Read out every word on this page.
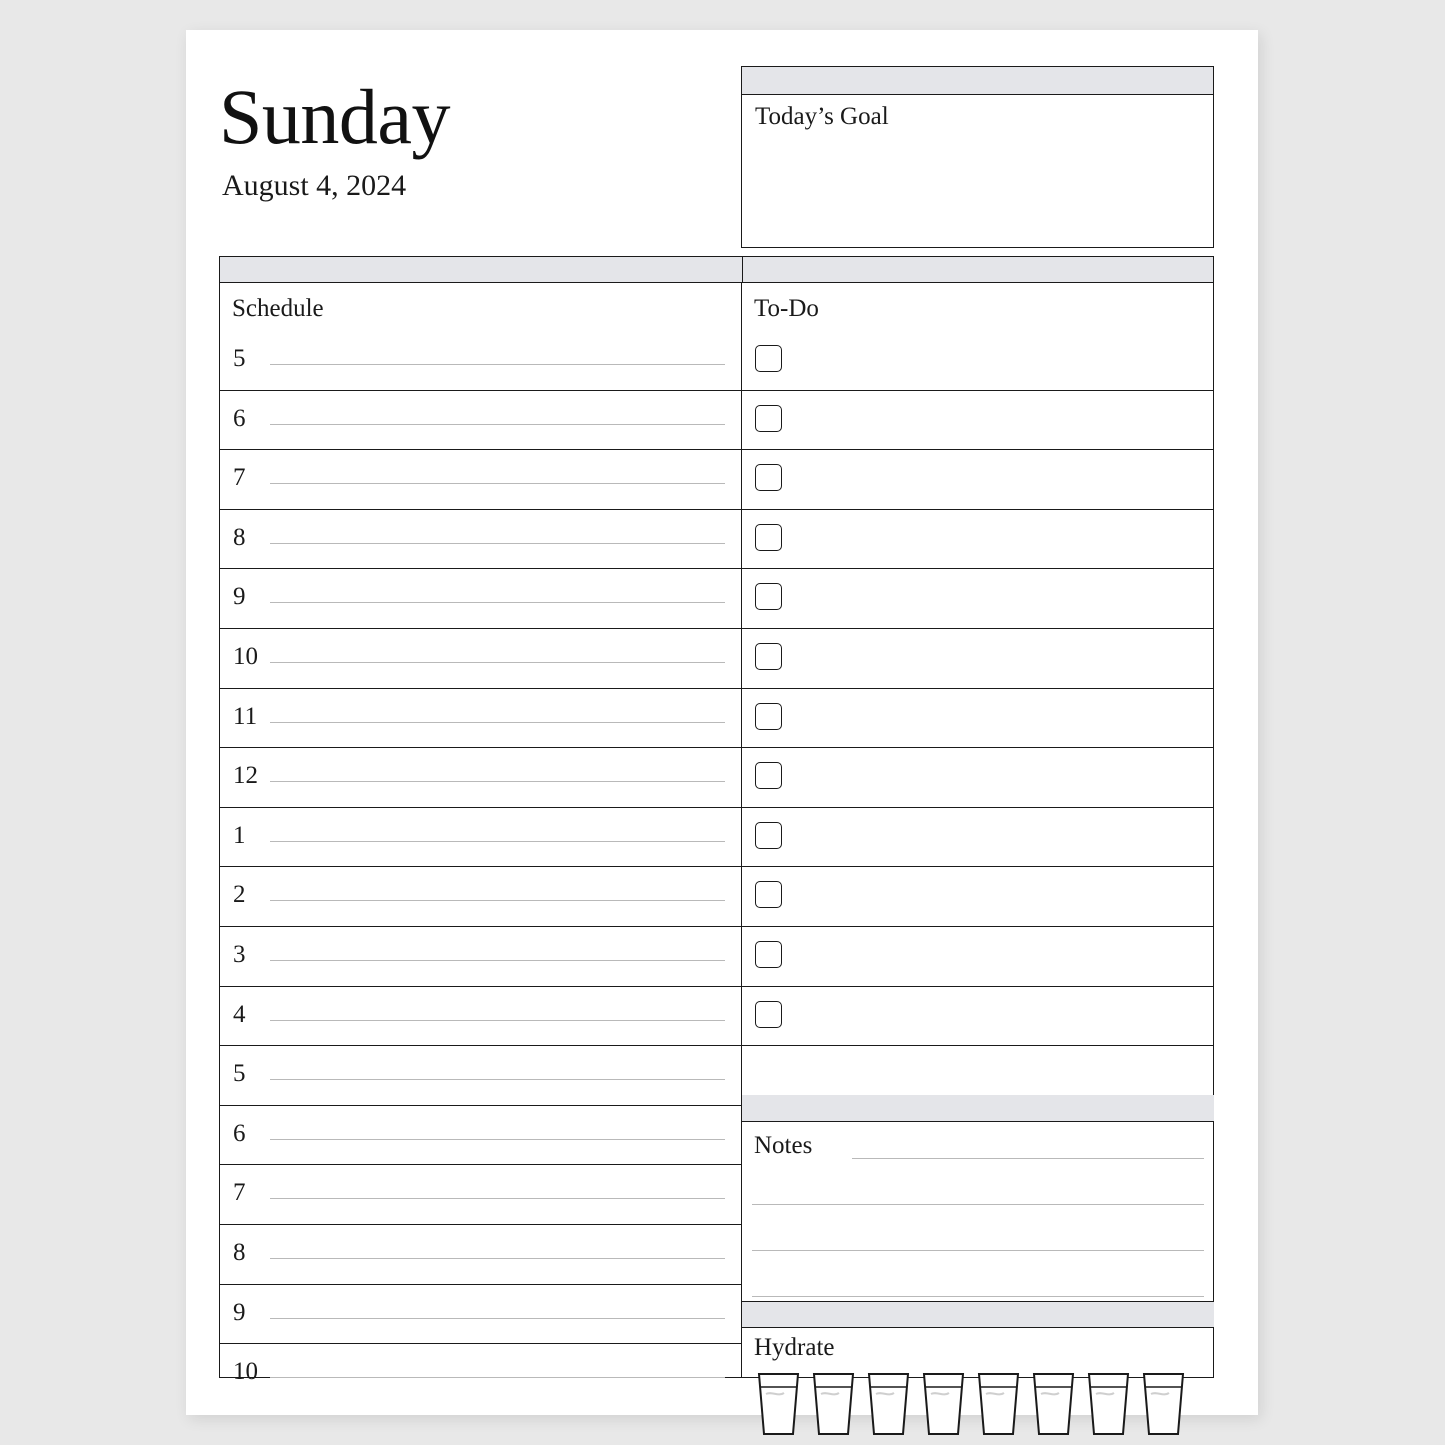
Sunday
August 4, 2024
Today’s Goal
Schedule
5
6
7
8
9
10
11
12
1
2
3
4
5
6
7
8
9
10
To-Do
Notes
Hydrate
